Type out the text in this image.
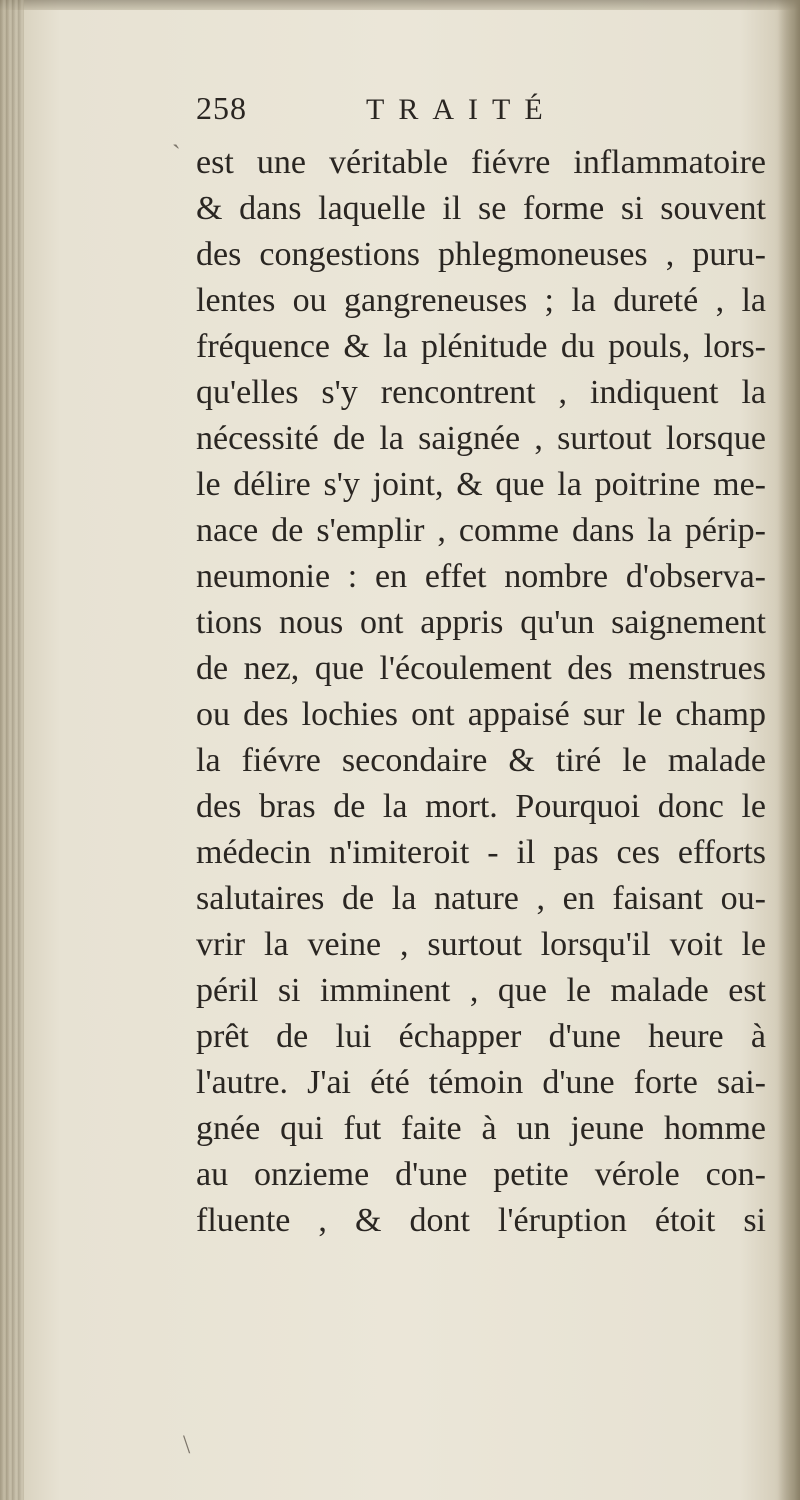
258	TRAITÉ
est une véritable fiévre inflammatoire
& dans laquelle il se forme si souvent
des congestions phlegmoneuses , puru-
lentes ou gangreneuses ; la dureté , la
fréquence & la plénitude du pouls, lors-
qu'elles s'y rencontrent , indiquent la
nécessité de la saignée , surtout lorsque
le délire s'y joint, & que la poitrine me-
nace de s'emplir , comme dans la périp-
neumonie : en effet nombre d'observa-
tions nous ont appris qu'un saignement
de nez, que l'écoulement des menstrues
ou des lochies ont appaisé sur le champ
la fiévre secondaire & tiré le malade
des bras de la mort. Pourquoi donc le
médecin n'imiteroit - il pas ces efforts
salutaires de la nature , en faisant ou-
vrir la veine , surtout lorsqu'il voit le
péril si imminent , que le malade est
prêt de lui échapper d'une heure à
l'autre. J'ai été témoin d'une forte sai-
gnée qui fut faite à un jeune homme
au onzieme d'une petite vérole con-
fluente , & dont l'éruption étoit si
`
\
